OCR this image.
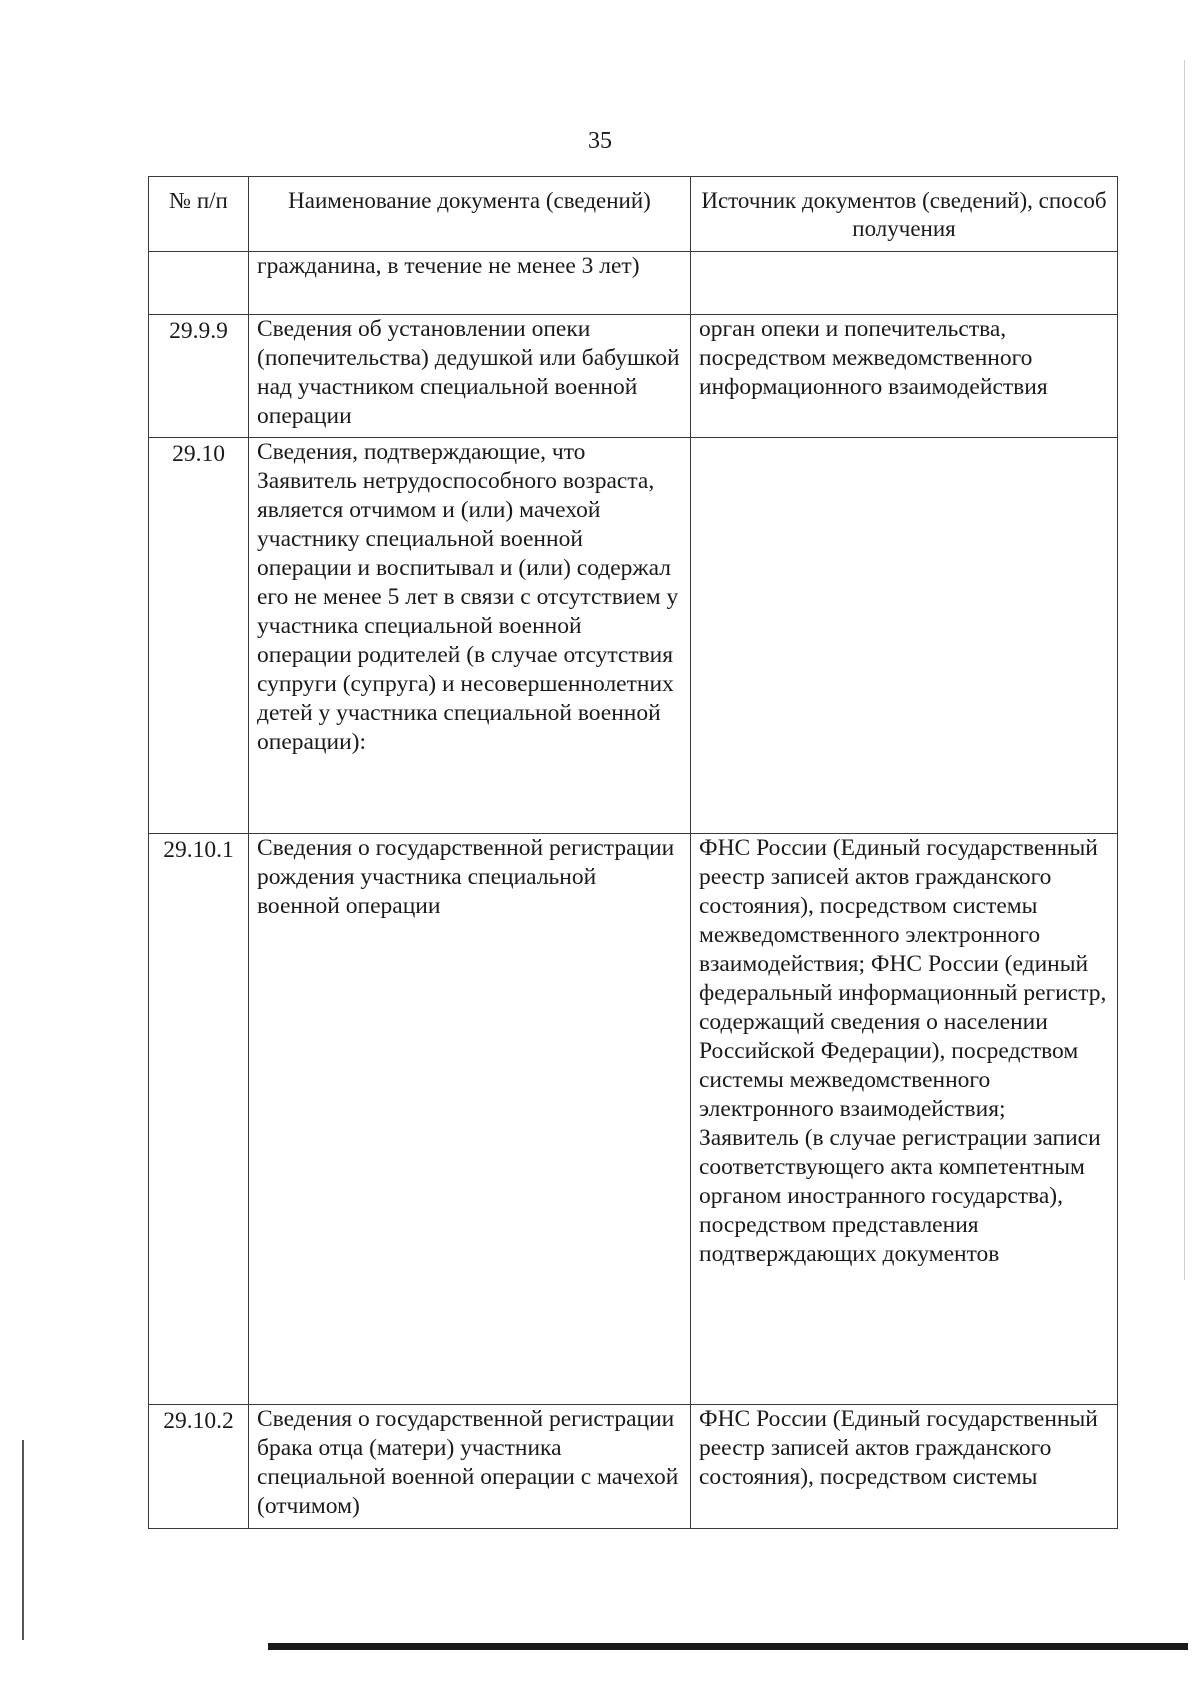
35
№ п/п	Наименование документа (сведений)	Источник документов (сведений), способ получения
	гражданина, в течение не менее 3 лет)	
29.9.9	Сведения об установлении опеки (попечительства) дедушкой или бабушкой над участником специальной военной операции	орган опеки и попечительства, посредством межведомственного информационного взаимодействия
29.10	Сведения, подтверждающие, что Заявитель нетрудоспособного возраста, является отчимом и (или) мачехой участнику специальной военной операции и воспитывал и (или) содержал его не менее 5 лет в связи с отсутствием у участника специальной военной операции родителей (в случае отсутствия супруги (супруга) и несовершеннолетних детей у участника специальной военной операции):	
29.10.1	Сведения о государственной регистрации рождения участника специальной военной операции	ФНС России (Единый государственный реестр записей актов гражданского состояния), посредством системы межведомственного электронного взаимодействия; ФНС России (единый федеральный информационный регистр, содержащий сведения о населении Российской Федерации), посредством системы межведомственного электронного взаимодействия; Заявитель (в случае регистрации записи соответствующего акта компетентным органом иностранного государства), посредством представления подтверждающих документов
29.10.2	Сведения о государственной регистрации брака отца (матери) участника специальной военной операции с мачехой (отчимом)	ФНС России (Единый государственный реестр записей актов гражданского состояния), посредством системы
